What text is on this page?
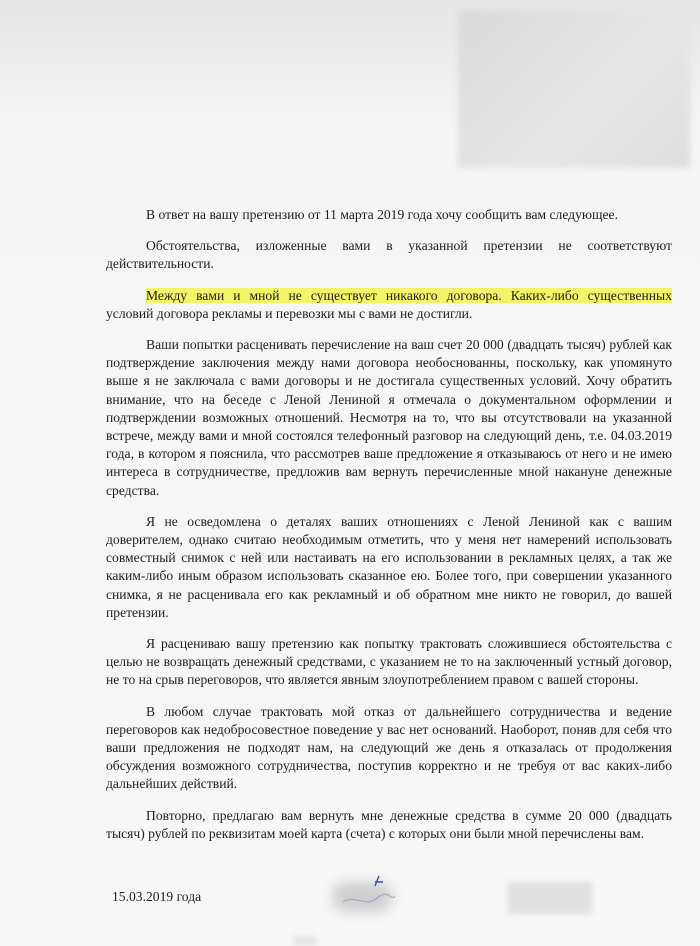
В ответ на вашу претензию от 11 марта 2019 года хочу сообщить вам следующее.

Обстоятельства, изложенные вами в указанной претензии не соответствуют действительности.

Между вами и мной не существует никакого договора. Каких-либо существенных условий договора рекламы и перевозки мы с вами не достигли.

Ваши попытки расценивать перечисление на ваш счет 20 000 (двадцать тысяч) рублей как подтверждение заключения между нами договора необоснованны, поскольку, как упомянуто выше я не заключала с вами договоры и не достигала существенных условий. Хочу обратить внимание, что на беседе с Леной Лениной я отмечала о документальном оформлении и подтверждении возможных отношений. Несмотря на то, что вы отсутствовали на указанной встрече, между вами и мной состоялся телефонный разговор на следующий день, т.е. 04.03.2019 года, в котором я пояснила, что рассмотрев ваше предложение я отказываюсь от него и не имею интереса в сотрудничестве, предложив вам вернуть перечисленные мной накануне денежные средства.

Я не осведомлена о деталях ваших отношениях с Леной Лениной как с вашим доверителем, однако считаю необходимым отметить, что у меня нет намерений использовать совместный снимок с ней или настаивать на его использовании в рекламных целях, а так же каким-либо иным образом использовать сказанное ею. Более того, при совершении указанного снимка, я не расценивала его как рекламный и об обратном мне никто не говорил, до вашей претензии.

Я расцениваю вашу претензию как попытку трактовать сложившиеся обстоятельства с целью не возвращать денежный средствами, с указанием не то на заключенный устный договор, не то на срыв переговоров, что является явным злоупотреблением правом с вашей стороны.

В любом случае трактовать мой отказ от дальнейшего сотрудничества и ведение переговоров как недобросовестное поведение у вас нет оснований. Наоборот, поняв для себя что ваши предложения не подходят нам, на следующий же день я отказалась от продолжения обсуждения возможного сотрудничества, поступив корректно и не требуя от вас каких-либо дальнейших действий.

Повторно, предлагаю вам вернуть мне денежные средства в сумме 20 000 (двадцать тысяч) рублей по реквизитам моей карта (счета) с которых они были мной перечислены вам.

15.03.2019 года
